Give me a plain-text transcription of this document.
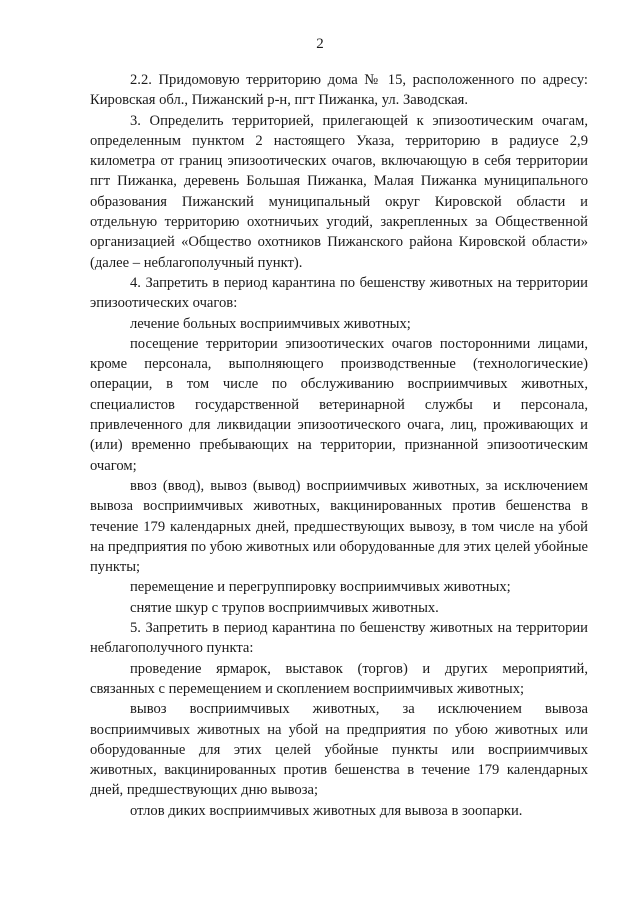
2

2.2. Придомовую территорию дома № 15, расположенного по адресу: Кировская обл., Пижанский р-н, пгт Пижанка, ул. Заводская.

3. Определить территорией, прилегающей к эпизоотическим очагам, определенным пунктом 2 настоящего Указа, территорию в радиусе 2,9 километра от границ эпизоотических очагов, включающую в себя территории пгт Пижанка, деревень Большая Пижанка, Малая Пижанка муниципального образования Пижанский муниципальный округ Кировской области и отдельную территорию охотничьих угодий, закрепленных за Общественной организацией «Общество охотников Пижанского района Кировской области» (далее – неблагополучный пункт).

4. Запретить в период карантина по бешенству животных на территории эпизоотических очагов:

лечение больных восприимчивых животных;

посещение территории эпизоотических очагов посторонними лицами, кроме персонала, выполняющего производственные (технологические) операции, в том числе по обслуживанию восприимчивых животных, специалистов государственной ветеринарной службы и персонала, привлеченного для ликвидации эпизоотического очага, лиц, проживающих и (или) временно пребывающих на территории, признанной эпизоотическим очагом;

ввоз (ввод), вывоз (вывод) восприимчивых животных, за исключением вывоза восприимчивых животных, вакцинированных против бешенства в течение 179 календарных дней, предшествующих вывозу, в том числе на убой на предприятия по убою животных или оборудованные для этих целей убойные пункты;

перемещение и перегруппировку восприимчивых животных;

снятие шкур с трупов восприимчивых животных.

5. Запретить в период карантина по бешенству животных на территории неблагополучного пункта:

проведение ярмарок, выставок (торгов) и других мероприятий, связанных с перемещением и скоплением восприимчивых животных;

вывоз восприимчивых животных, за исключением вывоза восприимчивых животных на убой на предприятия по убою животных или оборудованные для этих целей убойные пункты или восприимчивых животных, вакцинированных против бешенства в течение 179 календарных дней, предшествующих дню вывоза;

отлов диких восприимчивых животных для вывоза в зоопарки.
